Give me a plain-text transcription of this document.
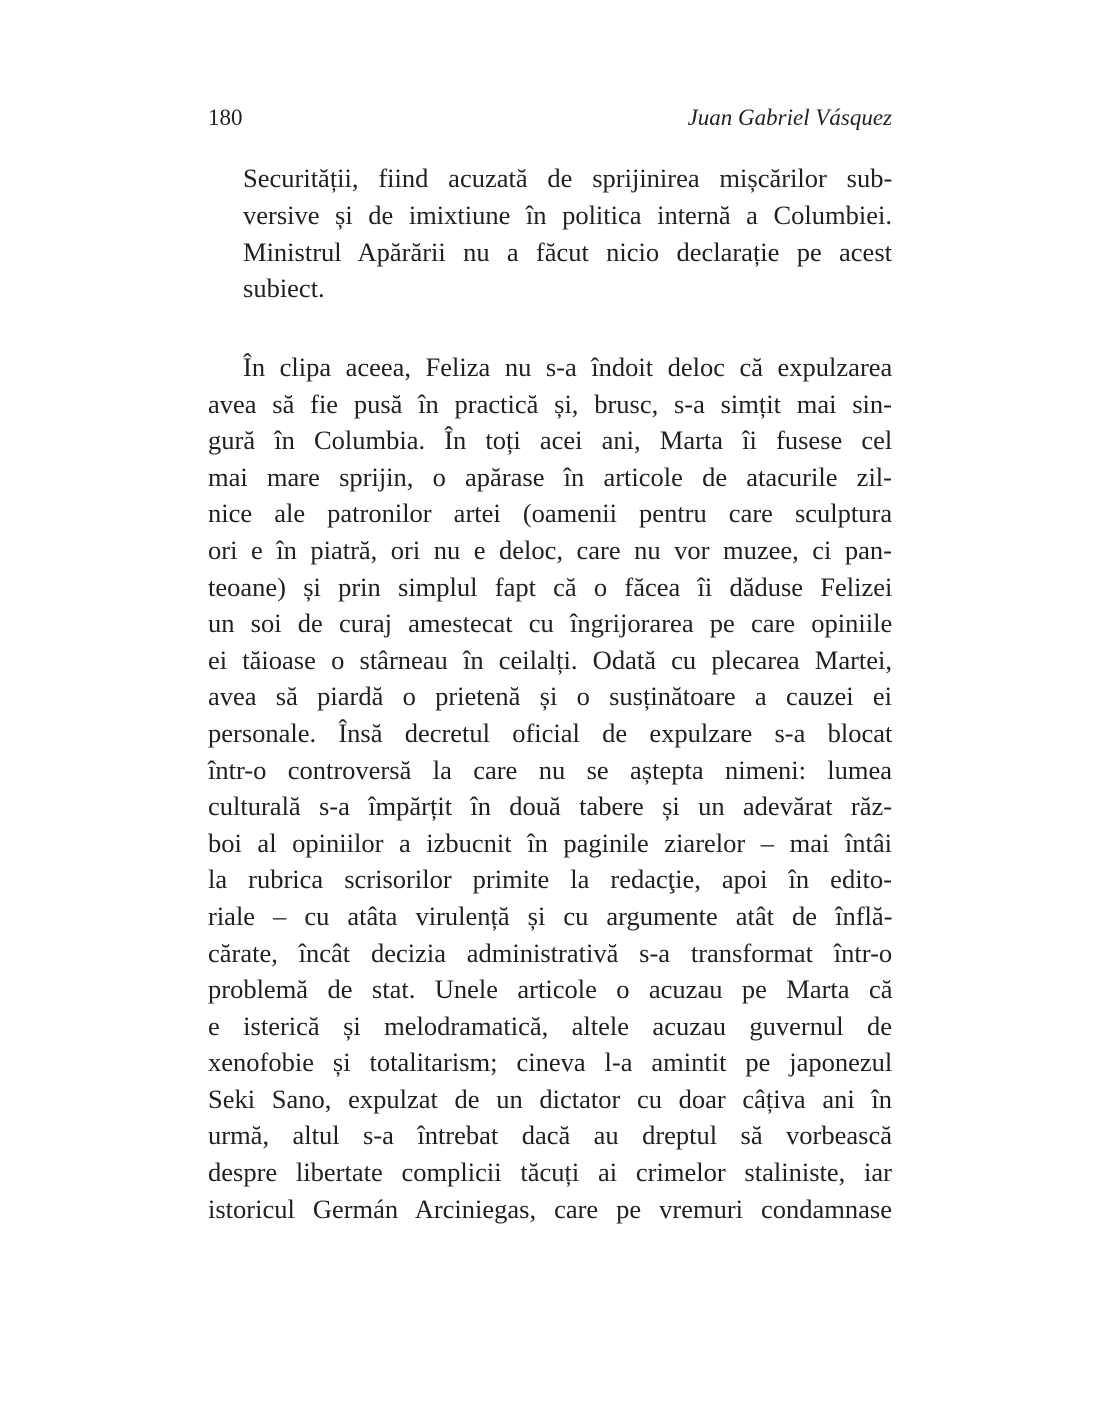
180	Juan Gabriel Vásquez
Securității, fiind acuzată de sprijinirea mișcărilor sub-
versive și de imixtiune în politica internă a Columbiei.
Ministrul Apărării nu a făcut nicio declarație pe acest
subiect.
În clipa aceea, Feliza nu s-a îndoit deloc că expulzarea
avea să fie pusă în practică și, brusc, s-a simțit mai sin-
gură în Columbia. În toți acei ani, Marta îi fusese cel
mai mare sprijin, o apărase în articole de atacurile zil-
nice ale patronilor artei (oamenii pentru care sculptura
ori e în piatră, ori nu e deloc, care nu vor muzee, ci pan-
teoane) și prin simplul fapt că o făcea îi dăduse Felizei
un soi de curaj amestecat cu îngrijorarea pe care opiniile
ei tăioase o stârneau în ceilalți. Odată cu plecarea Martei,
avea să piardă o prietenă și o susținătoare a cauzei ei
personale. Însă decretul oficial de expulzare s-a blocat
într-o controversă la care nu se aștepta nimeni: lumea
culturală s-a împărțit în două tabere și un adevărat răz-
boi al opiniilor a izbucnit în paginile ziarelor – mai întâi
la rubrica scrisorilor primite la redacţie, apoi în edito-
riale – cu atâta virulență și cu argumente atât de înflă-
cărate, încât decizia administrativă s-a transformat într-o
problemă de stat. Unele articole o acuzau pe Marta că
e isterică și melodramatică, altele acuzau guvernul de
xenofobie și totalitarism; cineva l-a amintit pe japonezul
Seki Sano, expulzat de un dictator cu doar câțiva ani în
urmă, altul s-a întrebat dacă au dreptul să vorbească
despre libertate complicii tăcuți ai crimelor staliniste, iar
istoricul Germán Arciniegas, care pe vremuri condamnase
